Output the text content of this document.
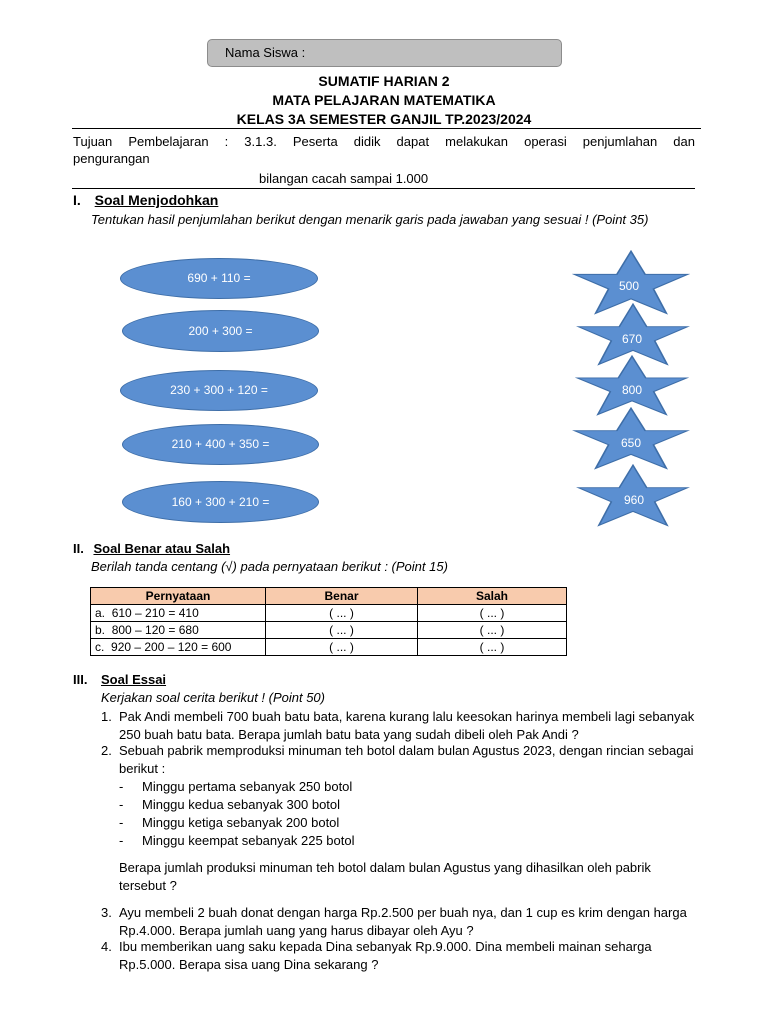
Nama Siswa :
SUMATIF HARIAN 2
MATA PELAJARAN MATEMATIKA
KELAS 3A SEMESTER GANJIL TP.2023/2024
Tujuan Pembelajaran : 3.1.3. Peserta didik dapat melakukan operasi penjumlahan dan
pengurangan
bilangan cacah sampai 1.000
I. Soal Menjodohkan
Tentukan hasil penjumlahan berikut dengan menarik garis pada jawaban yang sesuai ! (Point 35)
690 + 110 =
200 + 300 =
230 + 300 + 120 =
210 + 400 + 350 =
160 + 300 + 210 =
500
670
800
650
960
II. Soal Benar atau Salah
Berilah tanda centang (√) pada pernyataan berikut : (Point 15)
Pernyataan	Benar	Salah
a. 610 – 210 = 410	( ... )	( ... )
b. 800 – 120 = 680	( ... )	( ... )
c. 920 – 200 – 120 = 600	( ... )	( ... )
III. Soal Essai
Kerjakan soal cerita berikut ! (Point 50)
1. Pak Andi membeli 700 buah batu bata, karena kurang lalu keesokan harinya membeli lagi sebanyak
250 buah batu bata. Berapa jumlah batu bata yang sudah dibeli oleh Pak Andi ?
2. Sebuah pabrik memproduksi minuman teh botol dalam bulan Agustus 2023, dengan rincian sebagai
berikut :
- Minggu pertama sebanyak 250 botol
- Minggu kedua sebanyak 300 botol
- Minggu ketiga sebanyak 200 botol
- Minggu keempat sebanyak 225 botol
Berapa jumlah produksi minuman teh botol dalam bulan Agustus yang dihasilkan oleh pabrik
tersebut ?
3. Ayu membeli 2 buah donat dengan harga Rp.2.500 per buah nya, dan 1 cup es krim dengan harga
Rp.4.000. Berapa jumlah uang yang harus dibayar oleh Ayu ?
4. Ibu memberikan uang saku kepada Dina sebanyak Rp.9.000. Dina membeli mainan seharga
Rp.5.000. Berapa sisa uang Dina sekarang ?
